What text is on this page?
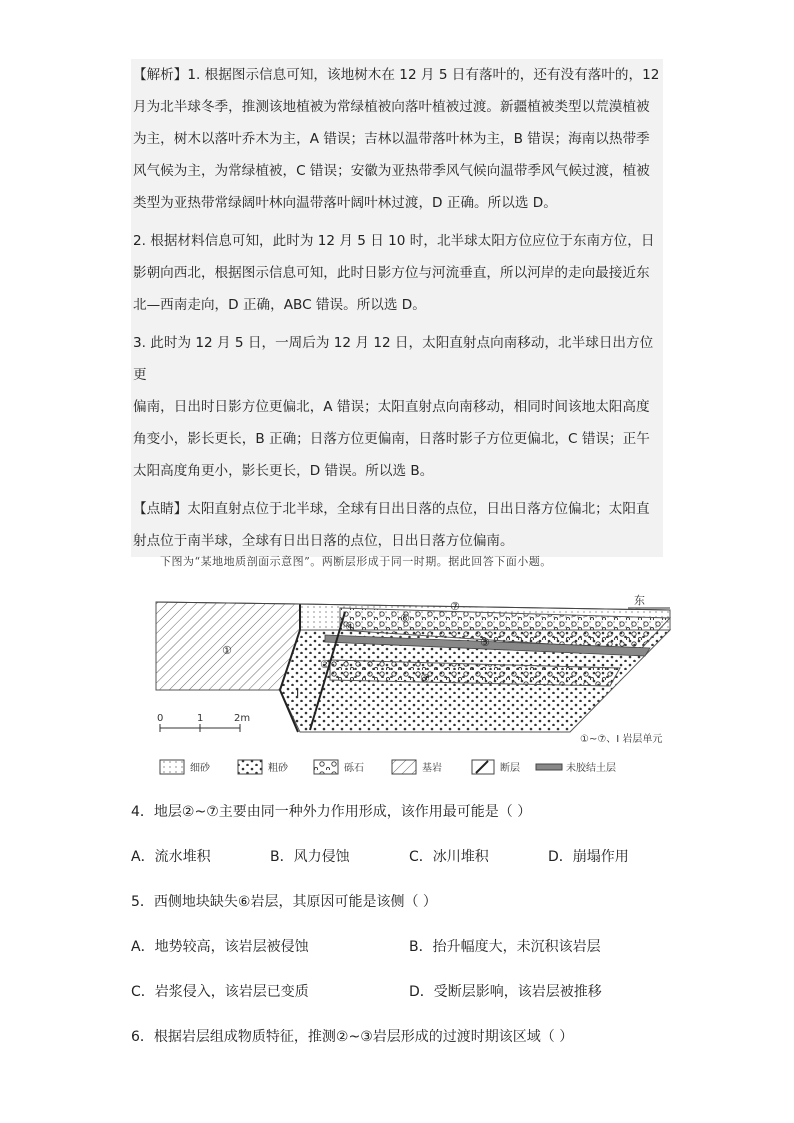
【解析】1. 根据图示信息可知，该地树木在 12 月 5 日有落叶的，还有没有落叶的，12

月为北半球冬季，推测该地植被为常绿植被向落叶植被过渡。新疆植被类型以荒漠植被

为主，树木以落叶乔木为主，A 错误；吉林以温带落叶林为主，B 错误；海南以热带季

风气候为主，为常绿植被，C 错误；安徽为亚热带季风气候向温带季风气候过渡，植被

类型为亚热带常绿阔叶林向温带落叶阔叶林过渡，D 正确。所以选 D。

2. 根据材料信息可知，此时为 12 月 5 日 10 时，北半球太阳方位应位于东南方位，日

影朝向西北，根据图示信息可知，此时日影方位与河流垂直，所以河岸的走向最接近东

北—西南走向，D 正确，ABC 错误。所以选 D。

3. 此时为 12 月 5 日，一周后为 12 月 12 日，太阳直射点向南移动，北半球日出方位更

偏南，日出时日影方位更偏北，A 错误；太阳直射点向南移动，相同时间该地太阳高度

角变小，影长更长，B 正确；日落方位更偏南，日落时影子方位更偏北，C 错误；正午

太阳高度角更小，影长更长，D 错误。所以选 B。

【点睛】太阳直射点位于北半球，全球有日出日落的点位，日出日落方位偏北；太阳直

射点位于南半球，全球有日出日落的点位，日出日落方位偏南。

下图为“某地地质剖面示意图”。两断层形成于同一时期。据此回答下面小题。
东
①
②
③
④
⑤
⑥
⑦
Ⅰ
0	1	2m
①~⑦、Ⅰ 岩层单元
细砂	粗砂	砾石	基岩	断层	未胶结土层
4．地层②~⑦主要由同一种外力作用形成，该作用最可能是（ ）
A．流水堆积	B．风力侵蚀	C．冰川堆积	D．崩塌作用
5．西侧地块缺失⑥岩层，其原因可能是该侧（ ）
A．地势较高，该岩层被侵蚀	B．抬升幅度大，未沉积该岩层
C．岩浆侵入，该岩层已变质	D．受断层影响，该岩层被推移
6．根据岩层组成物质特征，推测②~③岩层形成的过渡时期该区域（ ）
